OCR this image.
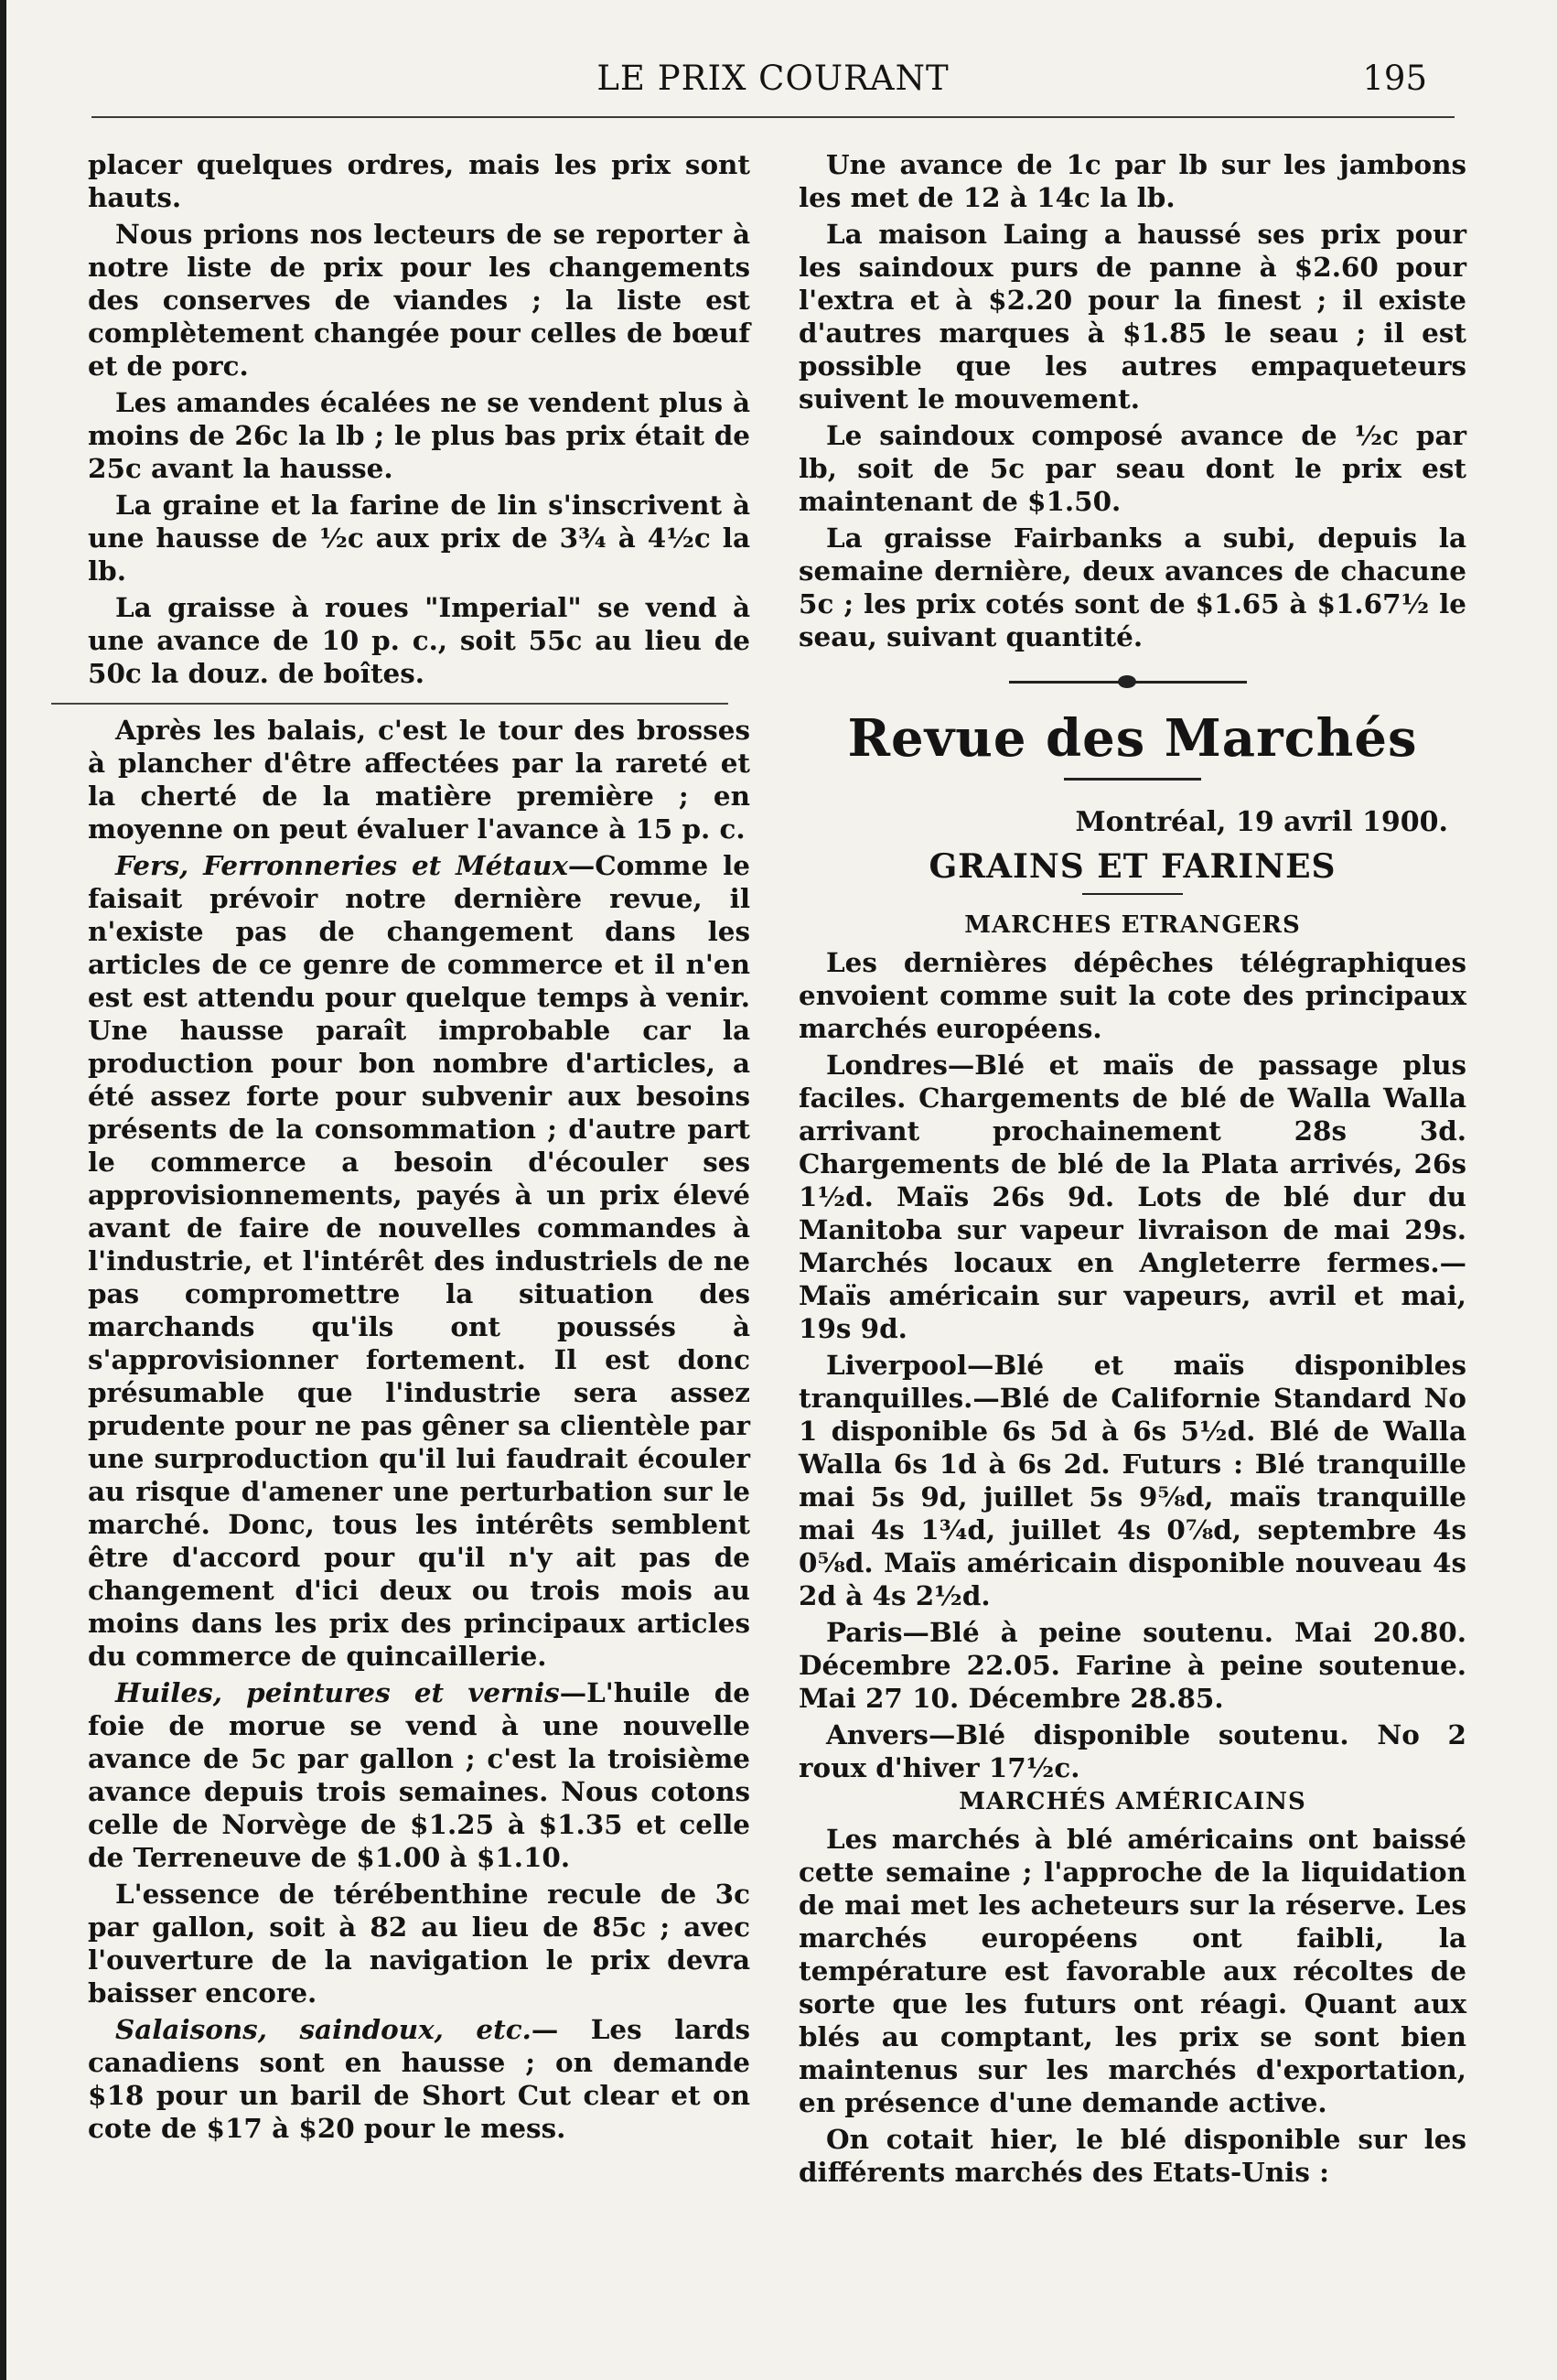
LE PRIX COURANT	195

placer quelques ordres, mais les prix sont hauts.

Nous prions nos lecteurs de se reporter à notre liste de prix pour les changements des conserves de viandes ; la liste est complètement changée pour celles de bœuf et de porc.

Les amandes écalées ne se vendent plus à moins de 26c la lb ; le plus bas prix était de 25c avant la hausse.

La graine et la farine de lin s'inscrivent à une hausse de ½c aux prix de 3¾ à 4½c la lb.

La graisse à roues "Imperial" se vend à une avance de 10 p. c., soit 55c au lieu de 50c la douz. de boîtes.

Après les balais, c'est le tour des brosses à plancher d'être affectées par la rareté et la cherté de la matière première ; en moyenne on peut évaluer l'avance à 15 p. c.

Fers, Ferronneries et Métaux—Comme le faisait prévoir notre dernière revue, il n'existe pas de changement dans les articles de ce genre de commerce et il n'en est est attendu pour quelque temps à venir. Une hausse paraît improbable car la production pour bon nombre d'articles, a été assez forte pour subvenir aux besoins présents de la consommation ; d'autre part le commerce a besoin d'écouler ses approvisionnements, payés à un prix élevé avant de faire de nouvelles commandes à l'industrie, et l'intérêt des industriels de ne pas compromettre la situation des marchands qu'ils ont poussés à s'approvisionner fortement. Il est donc présumable que l'industrie sera assez prudente pour ne pas gêner sa clientèle par une surproduction qu'il lui faudrait écouler au risque d'amener une perturbation sur le marché. Donc, tous les intérêts semblent être d'accord pour qu'il n'y ait pas de changement d'ici deux ou trois mois au moins dans les prix des principaux articles du commerce de quincaillerie.

Huiles, peintures et vernis—L'huile de foie de morue se vend à une nouvelle avance de 5c par gallon ; c'est la troisième avance depuis trois semaines. Nous cotons celle de Norvège de $1.25 à $1.35 et celle de Terreneuve de $1.00 à $1.10.

L'essence de térébenthine recule de 3c par gallon, soit à 82 au lieu de 85c ; avec l'ouverture de la navigation le prix devra baisser encore.

Salaisons, saindoux, etc.— Les lards canadiens sont en hausse ; on demande $18 pour un baril de Short Cut clear et on cote de $17 à $20 pour le mess.

Une avance de 1c par lb sur les jambons les met de 12 à 14c la lb.

La maison Laing a haussé ses prix pour les saindoux purs de panne à $2.60 pour l'extra et à $2.20 pour la finest ; il existe d'autres marques à $1.85 le seau ; il est possible que les autres empaqueteurs suivent le mouvement.

Le saindoux composé avance de ½c par lb, soit de 5c par seau dont le prix est maintenant de $1.50.

La graisse Fairbanks a subi, depuis la semaine dernière, deux avances de chacune 5c ; les prix cotés sont de $1.65 à $1.67½ le seau, suivant quantité.

Revue des Marchés
Montréal, 19 avril 1900.
GRAINS ET FARINES
MARCHES ETRANGERS

Les dernières dépêches télégraphiques envoient comme suit la cote des principaux marchés européens.

Londres—Blé et maïs de passage plus faciles. Chargements de blé de Walla Walla arrivant prochainement 28s 3d. Chargements de blé de la Plata arrivés, 26s 1½d. Maïs 26s 9d. Lots de blé dur du Manitoba sur vapeur livraison de mai 29s. Marchés locaux en Angleterre fermes.— Maïs américain sur vapeurs, avril et mai, 19s 9d.

Liverpool—Blé et maïs disponibles tranquilles.—Blé de Californie Standard No 1 disponible 6s 5d à 6s 5½d. Blé de Walla Walla 6s 1d à 6s 2d. Futurs : Blé tranquille mai 5s 9d, juillet 5s 9⅝d, maïs tranquille mai 4s 1¾d, juillet 4s 0⅞d, septembre 4s 0⅝d. Maïs américain disponible nouveau 4s 2d à 4s 2½d.

Paris—Blé à peine soutenu. Mai 20.80. Décembre 22.05. Farine à peine soutenue. Mai 27 10. Décembre 28.85.

Anvers—Blé disponible soutenu. No 2 roux d'hiver 17½c.

MARCHÉS AMÉRICAINS

Les marchés à blé américains ont baissé cette semaine ; l'approche de la liquidation de mai met les acheteurs sur la réserve. Les marchés européens ont faibli, la température est favorable aux récoltes de sorte que les futurs ont réagi. Quant aux blés au comptant, les prix se sont bien maintenus sur les marchés d'exportation, en présence d'une demande active.

On cotait hier, le blé disponible sur les différents marchés des Etats-Unis :
